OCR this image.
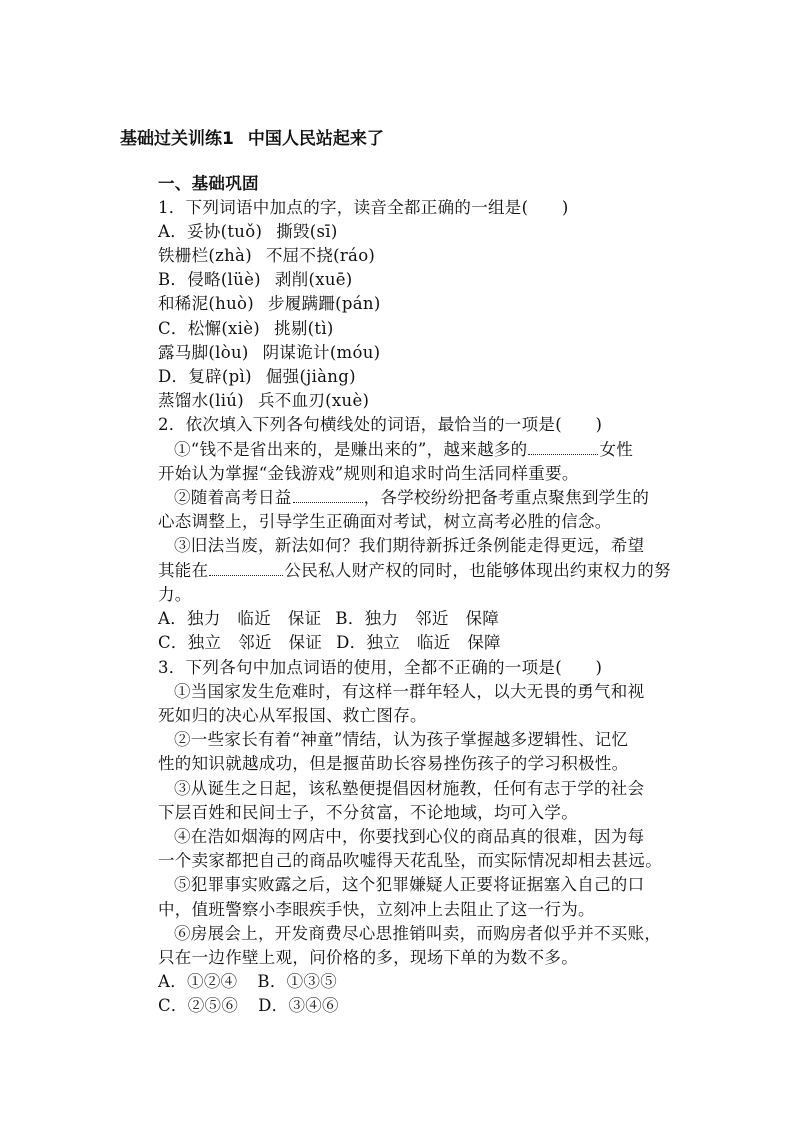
基础过关训练1 中国人民站起来了
一、基础巩固
1．下列词语中加点的字，读音全都正确的一组是(　　)
A．妥协(tuǒ) 撕毁(sī)
铁栅栏(zhà) 不屈不挠(ráo)
B．侵略(lüè) 剥削(xuē)
和稀泥(huò) 步履蹒跚(pán)
C．松懈(xiè) 挑剔(tì)
露马脚(lòu) 阴谋诡计(móu)
D．复辟(pì) 倔强(jiàng)
蒸馏水(liú) 兵不血刃(xuè)
2．依次填入下列各句横线处的词语，最恰当的一项是(　　)
①“钱不是省出来的，是赚出来的”，越来越多的	女性
开始认为掌握“金钱游戏”规则和追求时尚生活同样重要。
②随着高考日益	，各学校纷纷把备考重点聚焦到学生的
心态调整上，引导学生正确面对考试，树立高考必胜的信念。
③旧法当废，新法如何？我们期待新拆迁条例能走得更远，希望
其能在	公民私人财产权的同时，也能够体现出约束权力的努
力。
A．独力　临近　保证 B．独力　邻近　保障
C．独立　邻近　保证 D．独立　临近　保障
3．下列各句中加点词语的使用，全都不正确的一项是(　　)
①当国家发生危难时，有这样一群年轻人，以大无畏的勇气和视
死如归的决心从军报国、救亡图存。
②一些家长有着“神童”情结，认为孩子掌握越多逻辑性、记忆
性的知识就越成功，但是揠苗助长容易挫伤孩子的学习积极性。
③从诞生之日起，该私塾便提倡因材施教，任何有志于学的社会
下层百姓和民间士子，不分贫富，不论地域，均可入学。
④在浩如烟海的网店中，你要找到心仪的商品真的很难，因为每
一个卖家都把自己的商品吹嘘得天花乱坠，而实际情况却相去甚远。
⑤犯罪事实败露之后，这个犯罪嫌疑人正要将证据塞入自己的口
中，值班警察小李眼疾手快，立刻冲上去阻止了这一行为。
⑥房展会上，开发商费尽心思推销叫卖，而购房者似乎并不买账，
只在一边作壁上观，问价格的多，现场下单的为数不多。
A．①②④ B．①③⑤
C．②⑤⑥ D．③④⑥
